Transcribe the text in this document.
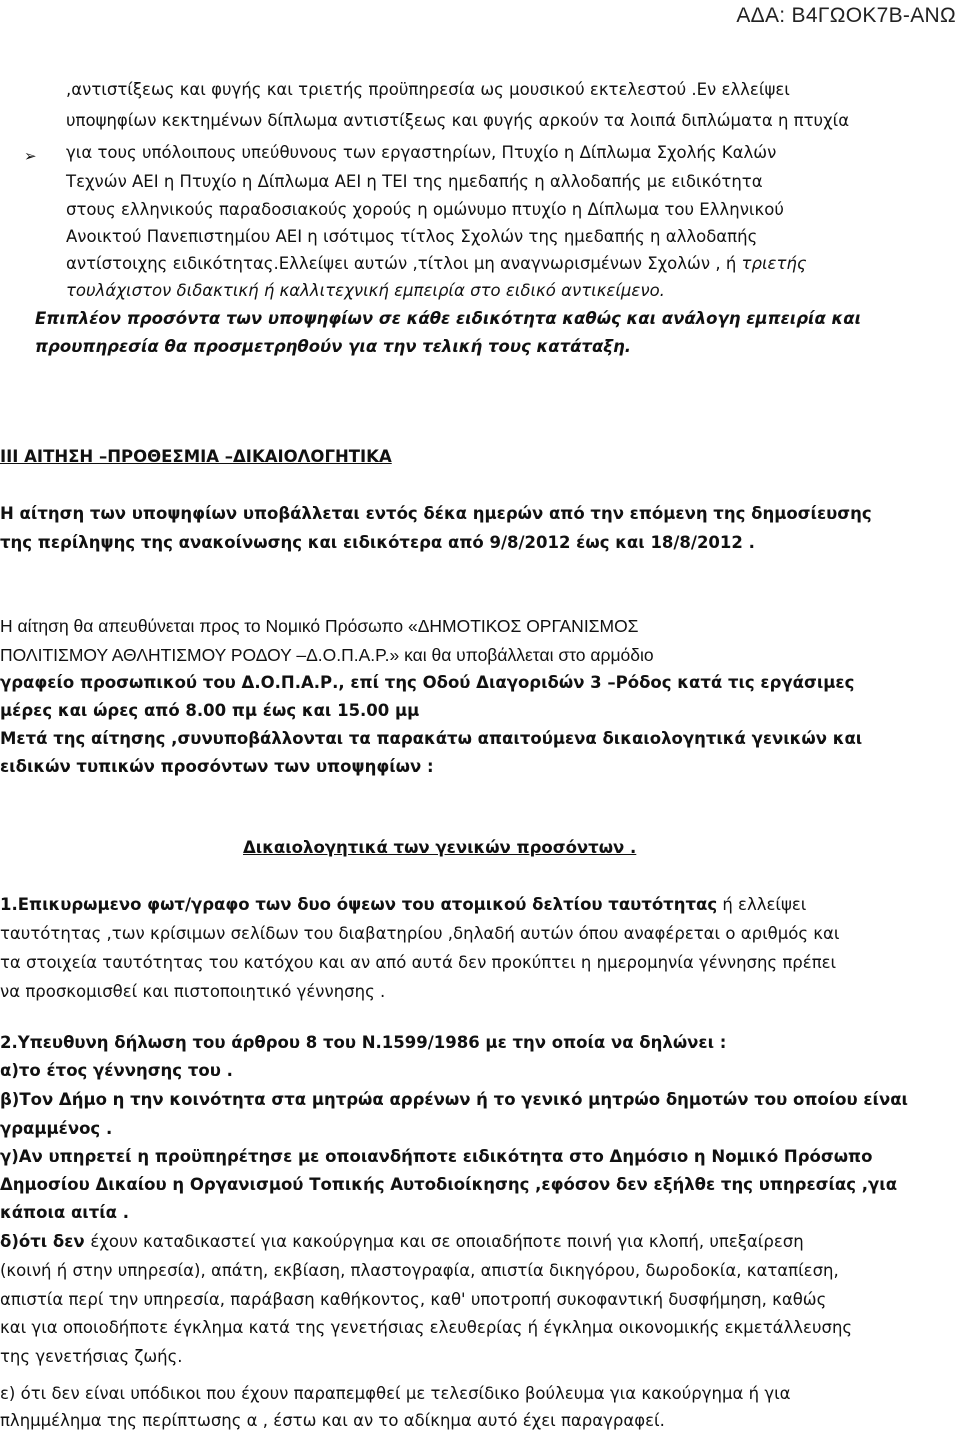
ΑΔΑ: Β4ΓΩΟΚ7Β-ΑΝΩ
,αντιστίξεως και φυγής και τριετής προϋπηρεσία ως μουσικού εκτελεστού .Εν ελλείψει
υποψηφίων κεκτημένων δίπλωμα αντιστίξεως και φυγής αρκούν τα λοιπά διπλώματα η πτυχία
➢ για τους υπόλοιπους υπεύθυνους των εργαστηρίων, Πτυχίο η Δίπλωμα Σχολής Καλών
Τεχνών ΑΕΙ η Πτυχίο η Δίπλωμα ΑΕΙ η ΤΕΙ της ημεδαπής η αλλοδαπής με ειδικότητα
στους ελληνικούς παραδοσιακούς χορούς η ομώνυμο πτυχίο η Δίπλωμα του Ελληνικού
Ανοικτού Πανεπιστημίου ΑΕΙ η ισότιμος τίτλος Σχολών της ημεδαπής η αλλοδαπής
αντίστοιχης ειδικότητας.Ελλείψει αυτών ,τίτλοι μη αναγνωρισμένων Σχολών , ή τριετής
τουλάχιστον διδακτική ή καλλιτεχνική εμπειρία στο ειδικό αντικείμενο.
Επιπλέον προσόντα των υποψηφίων σε κάθε ειδικότητα καθώς και ανάλογη εμπειρία και
προυπηρεσία θα προσμετρηθούν για την τελική τους κατάταξη.
ΙΙΙ ΑΙΤΗΣΗ –ΠΡΟΘΕΣΜΙΑ –ΔΙΚΑΙΟΛΟΓΗΤΙΚΑ
Η αίτηση των υποψηφίων υποβάλλεται εντός δέκα ημερών από την επόμενη της δημοσίευσης
της περίληψης της ανακοίνωσης και ειδικότερα από 9/8/2012 έως και 18/8/2012 .
Η αίτηση θα απευθύνεται προς το Νομικό Πρόσωπο «ΔΗΜΟΤΙΚΟΣ ΟΡΓΑΝΙΣΜΟΣ
ΠΟΛΙΤΙΣΜΟΥ ΑΘΛΗΤΙΣΜΟΥ ΡΟΔΟΥ –Δ.Ο.Π.Α.Ρ.» και θα υποβάλλεται στο αρμόδιο
γραφείο προσωπικού του Δ.Ο.Π.Α.Ρ., επί της Οδού Διαγοριδών 3 –Ρόδος κατά τις εργάσιμες
μέρες και ώρες από 8.00 πμ έως και 15.00 μμ
Μετά της αίτησης ,συνυποβάλλονται τα παρακάτω απαιτούμενα δικαιολογητικά γενικών και
ειδικών τυπικών προσόντων των υποψηφίων :
Δικαιολογητικά των γενικών προσόντων .
1.Επικυρωμενο φωτ/γραφο των δυο όψεων του ατομικού δελτίου ταυτότητας ή ελλείψει
ταυτότητας ,των κρίσιμων σελίδων του διαβατηρίου ,δηλαδή αυτών όπου αναφέρεται ο αριθμός και
τα στοιχεία ταυτότητας του κατόχου και αν από αυτά δεν προκύπτει η ημερομηνία γέννησης πρέπει
να προσκομισθεί και πιστοποιητικό γέννησης .
2.Υπευθυνη δήλωση του άρθρου 8 του Ν.1599/1986 με την οποία να δηλώνει :
α)το έτος γέννησης του .
β)Τον Δήμο η την κοινότητα στα μητρώα αρρένων ή το γενικό μητρώο δημοτών του οποίου είναι
γραμμένος .
γ)Αν υπηρετεί η προϋπηρέτησε με οποιανδήποτε ειδικότητα στο Δημόσιο η Νομικό Πρόσωπο
Δημοσίου Δικαίου η Οργανισμού Τοπικής Αυτοδιοίκησης ,εφόσον δεν εξήλθε της υπηρεσίας ,για
κάποια αιτία .
δ)ότι δεν έχουν καταδικαστεί για κακούργημα και σε οποιαδήποτε ποινή για κλοπή, υπεξαίρεση
(κοινή ή στην υπηρεσία), απάτη, εκβίαση, πλαστογραφία, απιστία δικηγόρου, δωροδοκία, καταπίεση,
απιστία περί την υπηρεσία, παράβαση καθήκοντος, καθ' υποτροπή συκοφαντική δυσφήμηση, καθώς
και για οποιοδήποτε έγκλημα κατά της γενετήσιας ελευθερίας ή έγκλημα οικονομικής εκμετάλλευσης
της γενετήσιας ζωής.
ε) ότι δεν είναι υπόδικοι που έχουν παραπεμφθεί με τελεσίδικο βούλευμα για κακούργημα ή για
πλημμέλημα της περίπτωσης α , έστω και αν το αδίκημα αυτό έχει παραγραφεί.
